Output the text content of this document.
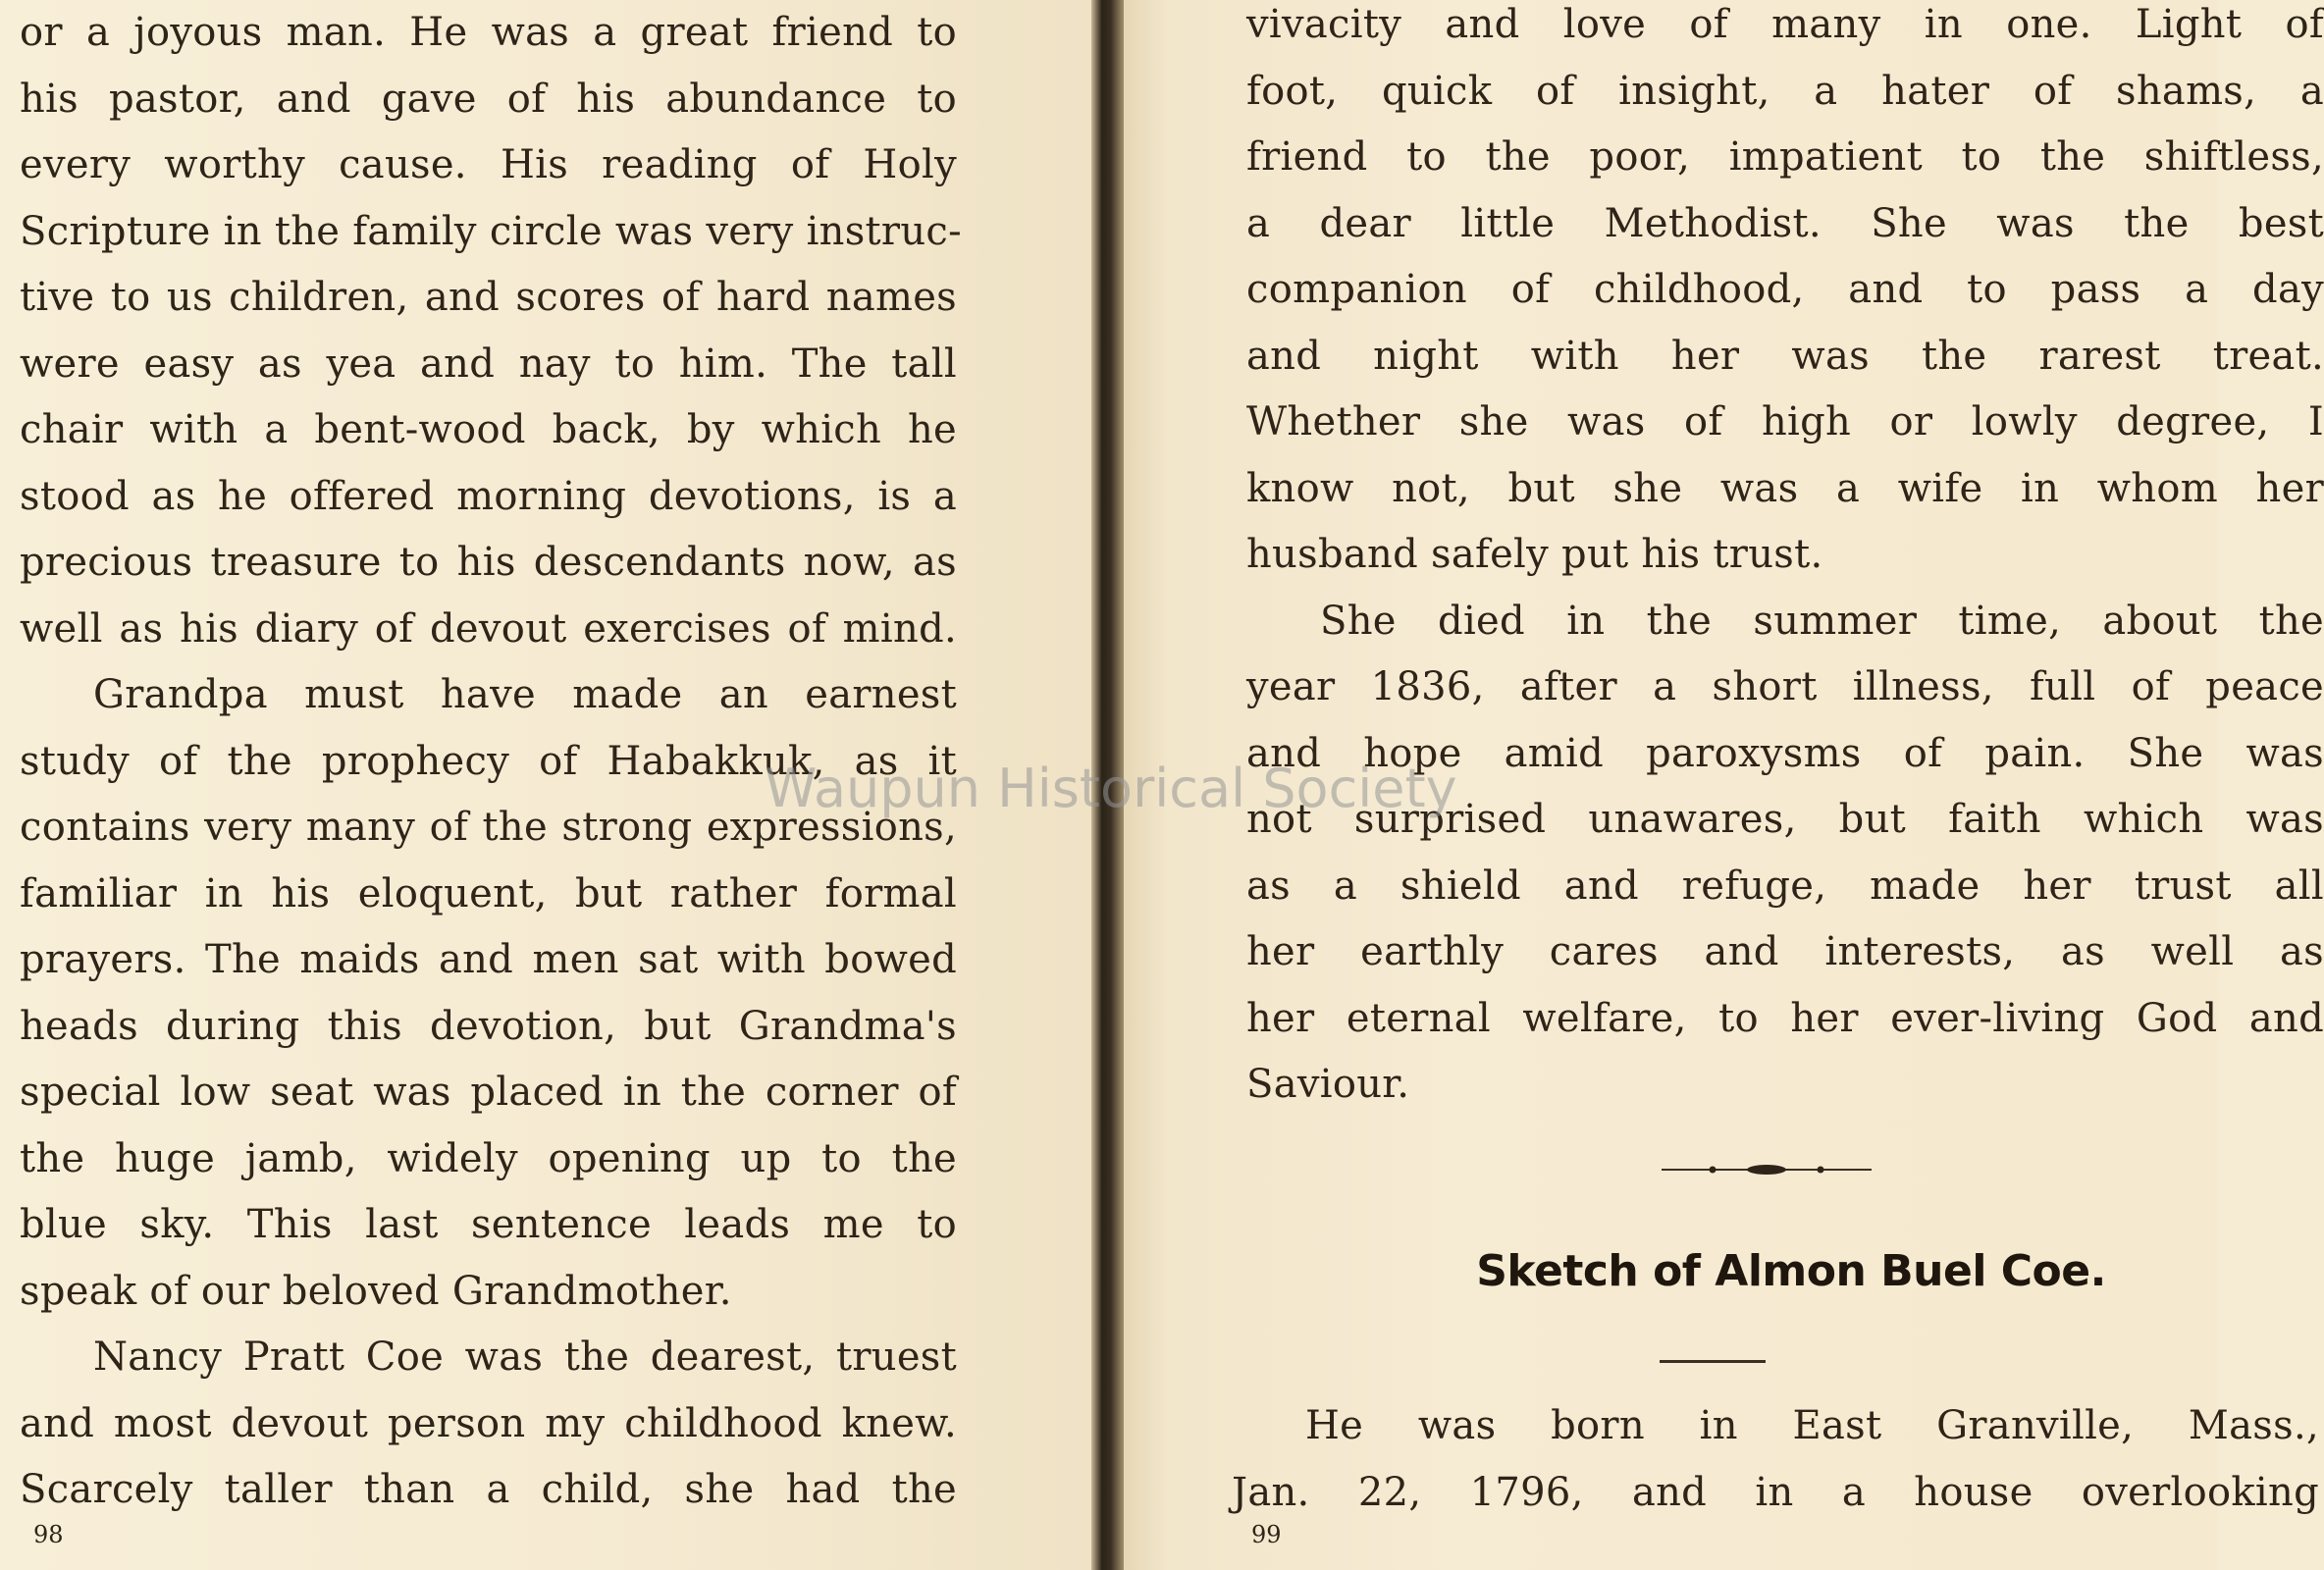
or a joyous man. He was a great friend to
his pastor, and gave of his abundance to
every worthy cause. His reading of Holy
Scripture in the family circle was very instruc-
tive to us children, and scores of hard names
were easy as yea and nay to him. The tall
chair with a bent-wood back, by which he
stood as he offered morning devotions, is a
precious treasure to his descendants now, as
well as his diary of devout exercises of mind.
Grandpa must have made an earnest
study of the prophecy of Habakkuk, as it
contains very many of the strong expressions,
familiar in his eloquent, but rather formal
prayers. The maids and men sat with bowed
heads during this devotion, but Grandma's
special low seat was placed in the corner of
the huge jamb, widely opening up to the
blue sky. This last sentence leads me to
speak of our beloved Grandmother.
Nancy Pratt Coe was the dearest, truest
and most devout person my childhood knew.
Scarcely taller than a child, she had the
98
vivacity and love of many in one. Light of
foot, quick of insight, a hater of shams, a
friend to the poor, impatient to the shiftless,
a dear little Methodist. She was the best
companion of childhood, and to pass a day
and night with her was the rarest treat.
Whether she was of high or lowly degree, I
know not, but she was a wife in whom her
husband safely put his trust.
She died in the summer time, about the
year 1836, after a short illness, full of peace
and hope amid paroxysms of pain. She was
not surprised unawares, but faith which was
as a shield and refuge, made her trust all
her earthly cares and interests, as well as
her eternal welfare, to her ever-living God and
Saviour.
Sketch of Almon Buel Coe.
He was born in East Granville, Mass.,
Jan. 22, 1796, and in a house overlooking
99
Waupun Historical Society
